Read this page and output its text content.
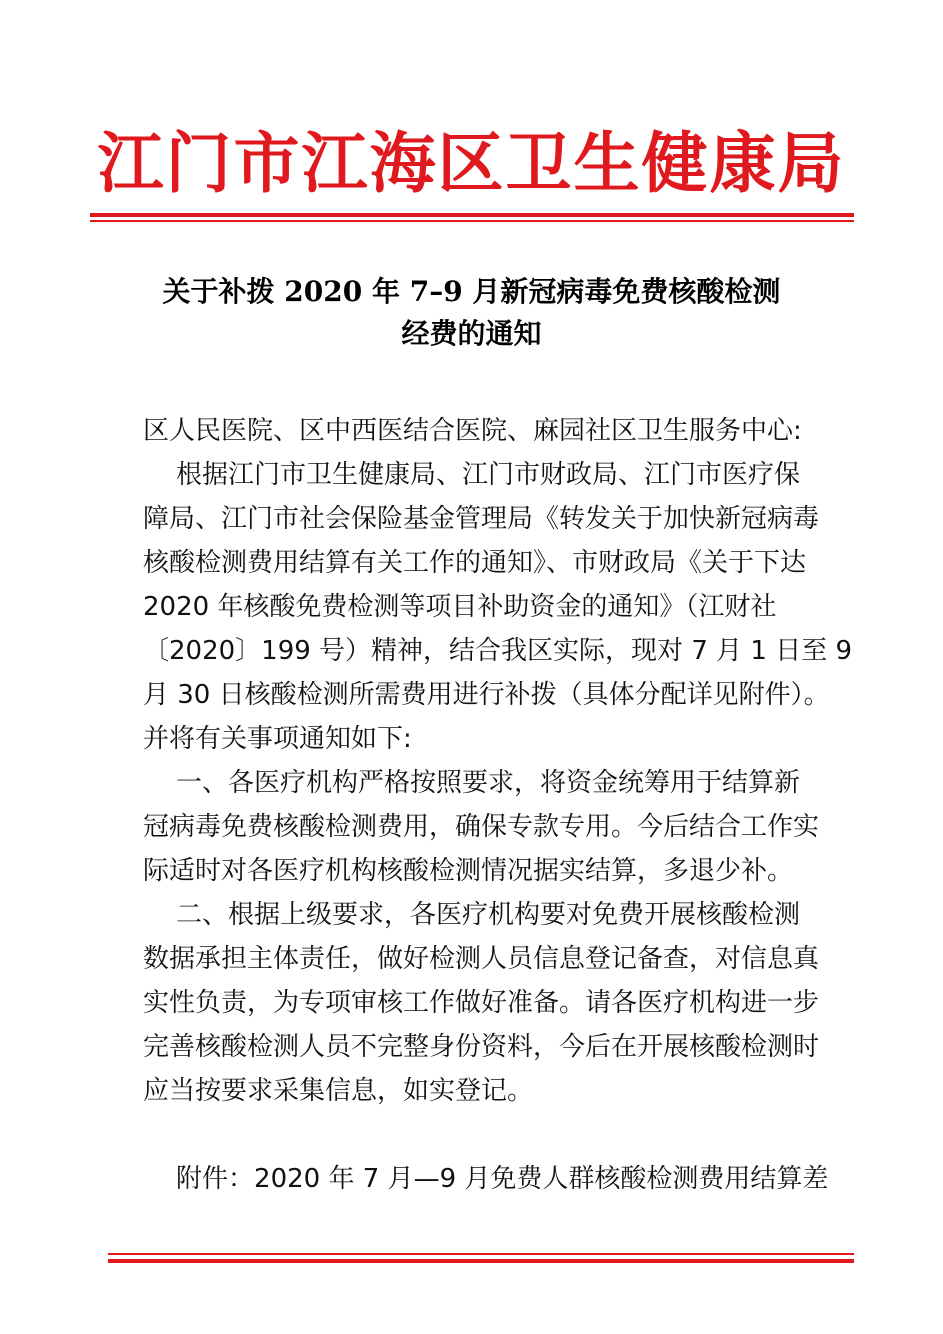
江门市江海区卫生健康局
关于补拨 2020 年 7–9 月新冠病毒免费核酸检测
经费的通知
区人民医院、区中西医结合医院、麻园社区卫生服务中心:
根据江门市卫生健康局、江门市财政局、江门市医疗保
障局、江门市社会保险基金管理局《转发关于加快新冠病毒
核酸检测费用结算有关工作的通知》、市财政局《关于下达
2020 年核酸免费检测等项目补助资金的通知》（江财社
〔2020〕199 号）精神，结合我区实际，现对 7 月 1 日至 9
月 30 日核酸检测所需费用进行补拨（具体分配详见附件）。
并将有关事项通知如下:
一、各医疗机构严格按照要求，将资金统筹用于结算新
冠病毒免费核酸检测费用，确保专款专用。今后结合工作实
际适时对各医疗机构核酸检测情况据实结算，多退少补。
二、根据上级要求，各医疗机构要对免费开展核酸检测
数据承担主体责任，做好检测人员信息登记备查，对信息真
实性负责，为专项审核工作做好准备。请各医疗机构进一步
完善核酸检测人员不完整身份资料，今后在开展核酸检测时
应当按要求采集信息，如实登记。
附件：2020 年 7 月—9 月免费人群核酸检测费用结算差
